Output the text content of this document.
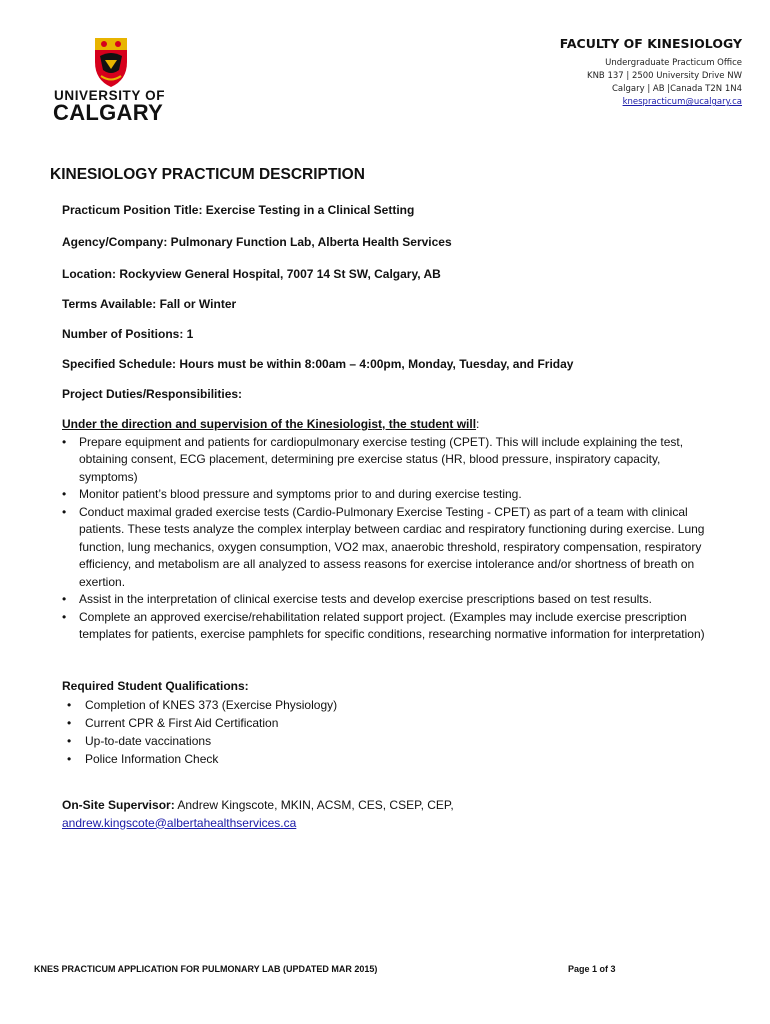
UNIVERSITY OF
CALGARY
FACULTY OF KINESIOLOGY
Undergraduate Practicum Office
KNB 137 | 2500 University Drive NW
Calgary | AB |Canada T2N 1N4
knespracticum@ucalgary.ca
KINESIOLOGY PRACTICUM DESCRIPTION
Practicum Position Title: Exercise Testing in a Clinical Setting
Agency/Company: Pulmonary Function Lab, Alberta Health Services
Location: Rockyview General Hospital, 7007 14 St SW, Calgary, AB
Terms Available: Fall or Winter
Number of Positions: 1
Specified Schedule: Hours must be within 8:00am – 4:00pm, Monday, Tuesday, and Friday
Project Duties/Responsibilities:
Under the direction and supervision of the Kinesiologist, the student will:
• Prepare equipment and patients for cardiopulmonary exercise testing (CPET). This will include explaining the test, obtaining consent, ECG placement, determining pre exercise status (HR, blood pressure, inspiratory capacity, symptoms)
• Monitor patient’s blood pressure and symptoms prior to and during exercise testing.
• Conduct maximal graded exercise tests (Cardio-Pulmonary Exercise Testing - CPET) as part of a team with clinical patients. These tests analyze the complex interplay between cardiac and respiratory functioning during exercise. Lung function, lung mechanics, oxygen consumption, VO2 max, anaerobic threshold, respiratory compensation, respiratory efficiency, and metabolism are all analyzed to assess reasons for exercise intolerance and/or shortness of breath on exertion.
• Assist in the interpretation of clinical exercise tests and develop exercise prescriptions based on test results.
• Complete an approved exercise/rehabilitation related support project. (Examples may include exercise prescription templates for patients, exercise pamphlets for specific conditions, researching normative information for interpretation)
Required Student Qualifications:
• Completion of KNES 373 (Exercise Physiology)
• Current CPR & First Aid Certification
• Up-to-date vaccinations
• Police Information Check
On-Site Supervisor: Andrew Kingscote, MKIN, ACSM, CES, CSEP, CEP,
andrew.kingscote@albertahealthservices.ca
KNES PRACTICUM APPLICATION FOR PULMONARY LAB (UPDATED MAR 2015)	Page 1 of 3
